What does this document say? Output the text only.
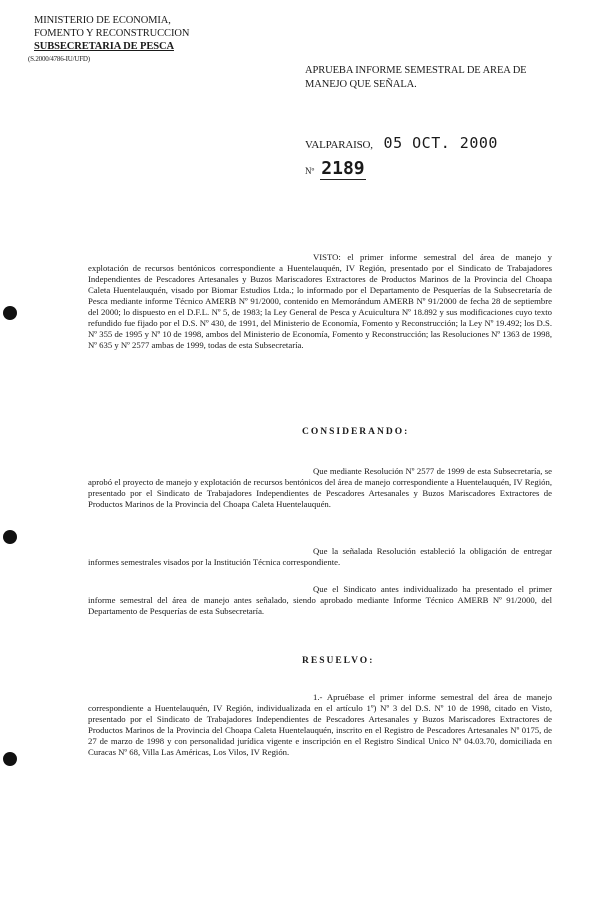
MINISTERIO DE ECONOMIA,
FOMENTO Y RECONSTRUCCION
SUBSECRETARIA DE PESCA
(S.2000/4786-IU/UFD)
APRUEBA INFORME SEMESTRAL DE AREA DE MANEJO QUE SEÑALA.
VALPARAISO, 05 OCT. 2000
Nº 2189
VISTO: el primer informe semestral del área de manejo y explotación de recursos bentónicos correspondiente a Huentelauquén, IV Región, presentado por el Sindicato de Trabajadores Independientes de Pescadores Artesanales y Buzos Mariscadores Extractores de Productos Marinos de la Provincia del Choapa Caleta Huentelauquén, visado por Biomar Estudios Ltda.; lo informado por el Departamento de Pesquerías de la Subsecretaría de Pesca mediante informe Técnico AMERB Nº 91/2000, contenido en Memorándum AMERB Nº 91/2000 de fecha 28 de septiembre del 2000; lo dispuesto en el D.F.L. Nº 5, de 1983; la Ley General de Pesca y Acuicultura Nº 18.892 y sus modificaciones cuyo texto refundido fue fijado por el D.S. Nº 430, de 1991, del Ministerio de Economía, Fomento y Reconstrucción; la Ley Nº 19.492; los D.S. Nº 355 de 1995 y Nº 10 de 1998, ambos del Ministerio de Economía, Fomento y Reconstrucción; las Resoluciones Nº 1363 de 1998, Nº 635 y Nº 2577 ambas de 1999, todas de esta Subsecretaría.
CONSIDERANDO:
Que mediante Resolución Nº 2577 de 1999 de esta Subsecretaría, se aprobó el proyecto de manejo y explotación de recursos bentónicos del área de manejo correspondiente a Huentelauquén, IV Región, presentado por el Sindicato de Trabajadores Independientes de Pescadores Artesanales y Buzos Mariscadores Extractores de Productos Marinos de la Provincia del Choapa Caleta Huentelauquén.
Que la señalada Resolución estableció la obligación de entregar informes semestrales visados por la Institución Técnica correspondiente.
Que el Sindicato antes individualizado ha presentado el primer informe semestral del área de manejo antes señalado, siendo aprobado mediante Informe Técnico AMERB Nº 91/2000, del Departamento de Pesquerías de esta Subsecretaría.
RESUELVO:
1.- Apruébase el primer informe semestral del área de manejo correspondiente a Huentelauquén, IV Región, individualizada en el artículo 1º) Nº 3 del D.S. Nº 10 de 1998, citado en Visto, presentado por el Sindicato de Trabajadores Independientes de Pescadores Artesanales y Buzos Mariscadores Extractores de Productos Marinos de la Provincia del Choapa Caleta Huentelauquén, inscrito en el Registro de Pescadores Artesanales Nº 0175, de 27 de marzo de 1998 y con personalidad jurídica vigente e inscripción en el Registro Sindical Unico Nº 04.03.70, domiciliada en Curacas Nº 68, Villa Las Américas, Los Vilos, IV Región.
